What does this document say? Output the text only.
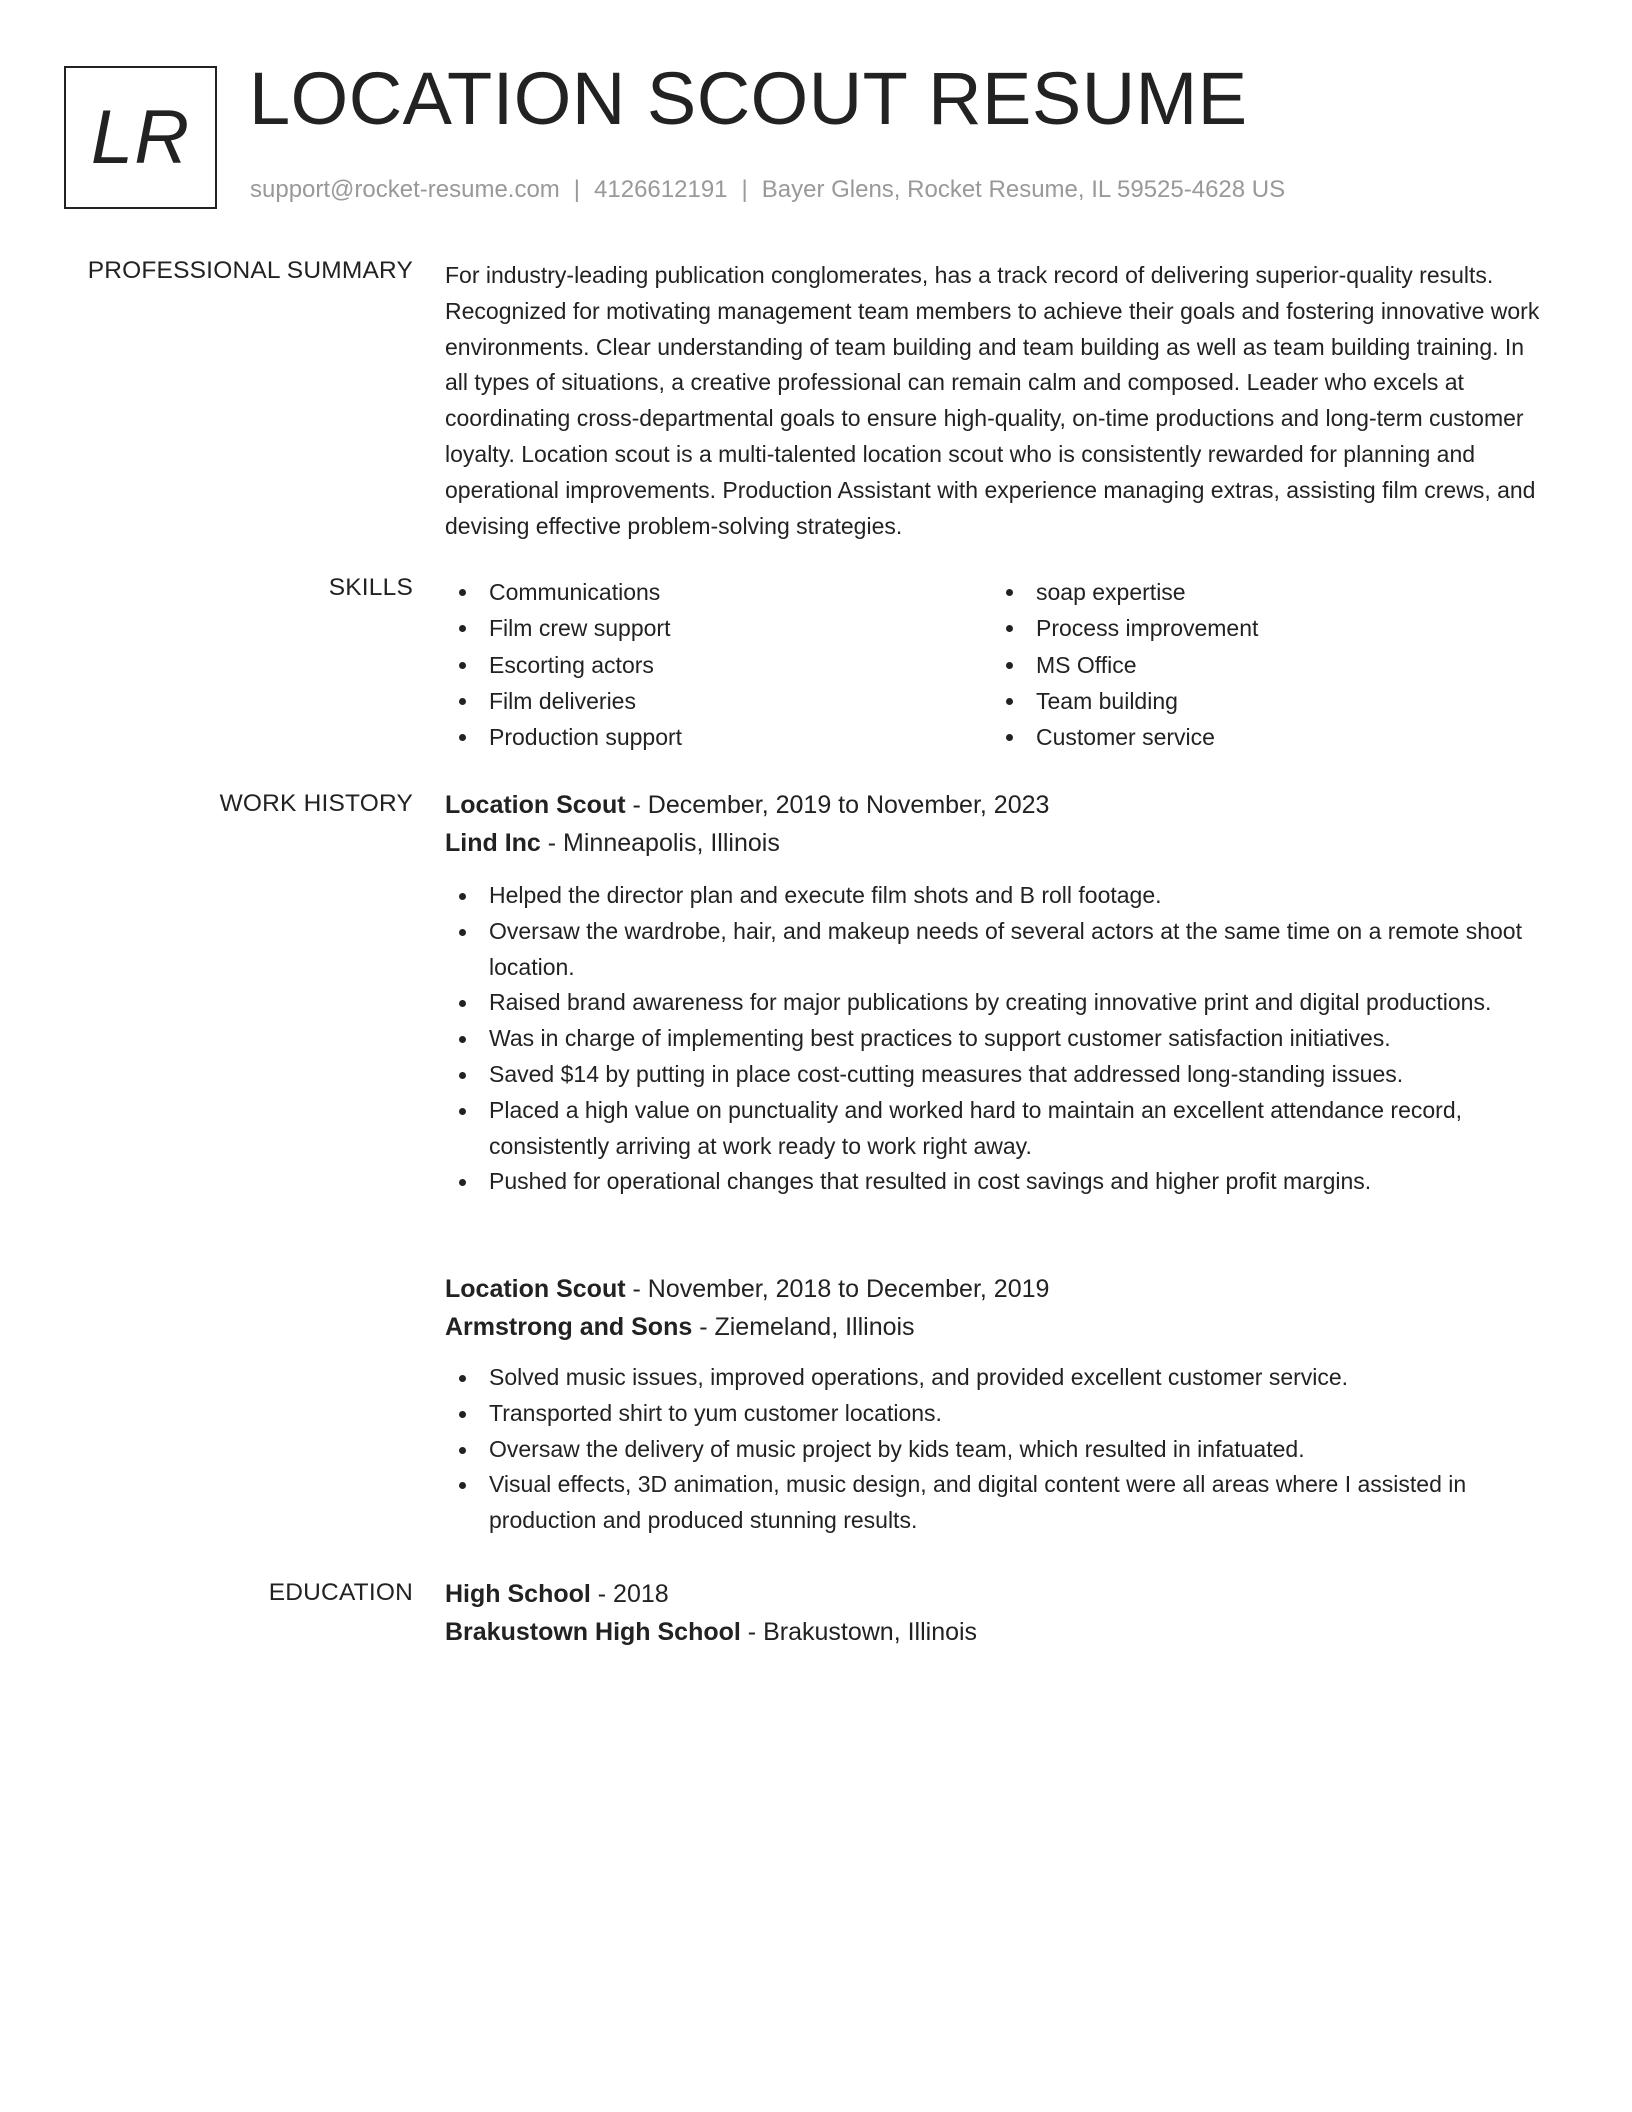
LR LOCATION SCOUT RESUME
support@rocket-resume.com | 4126612191 | Bayer Glens, Rocket Resume, IL 59525-4628 US
PROFESSIONAL SUMMARY For industry-leading publication conglomerates, has a track record of delivering superior-quality results. Recognized for motivating management team members to achieve their goals and fostering innovative work environments. Clear understanding of team building and team building as well as team building training. In all types of situations, a creative professional can remain calm and composed. Leader who excels at coordinating cross-departmental goals to ensure high-quality, on-time productions and long-term customer loyalty. Location scout is a multi-talented location scout who is consistently rewarded for planning and operational improvements. Production Assistant with experience managing extras, assisting film crews, and devising effective problem-solving strategies.
SKILLS	Communications
Film crew support
Escorting actors
Film deliveries
Production support
soap expertise
Process improvement
MS Office
Team building
Customer service
WORK HISTORY Location Scout - December, 2019 to November, 2023
Lind Inc - Minneapolis, Illinois
Helped the director plan and execute film shots and B roll footage.
Oversaw the wardrobe, hair, and makeup needs of several actors at the same time on a remote shoot location.
Raised brand awareness for major publications by creating innovative print and digital productions.
Was in charge of implementing best practices to support customer satisfaction initiatives.
Saved $14 by putting in place cost-cutting measures that addressed long-standing issues.
Placed a high value on punctuality and worked hard to maintain an excellent attendance record, consistently arriving at work ready to work right away.
Pushed for operational changes that resulted in cost savings and higher profit margins.
Location Scout - November, 2018 to December, 2019
Armstrong and Sons - Ziemeland, Illinois
Solved music issues, improved operations, and provided excellent customer service.
Transported shirt to yum customer locations.
Oversaw the delivery of music project by kids team, which resulted in infatuated.
Visual effects, 3D animation, music design, and digital content were all areas where I assisted in production and produced stunning results.
EDUCATION High School - 2018
Brakustown High School - Brakustown, Illinois
